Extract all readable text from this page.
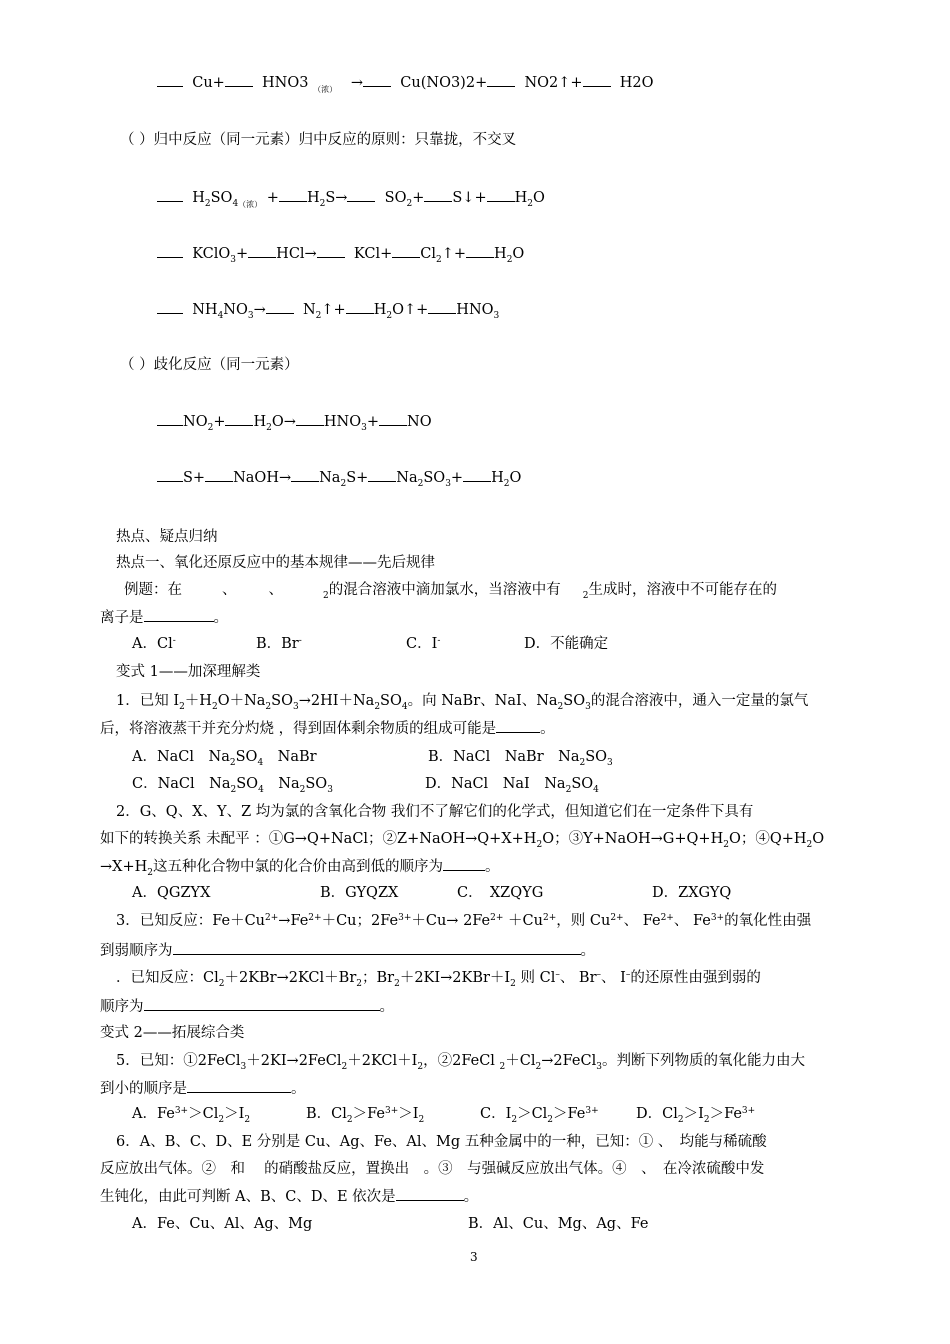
Cu+	HNO3 $_{(浓)}$ →	Cu(NO3)2+	NO2↑+	H2O
（ ）归中反应（同一元素）归中反应的原则：只靠拢，不交叉
$H_2SO_{4(浓)} + H_2S\to$	$SO_2+$ S↓+ $H_2O$
KClO$_3$+ HCl→	$KCl+ Cl_2↑+ H_2O$
$NH_4NO_3\to$	$N_2↑+$ $H_2O↑+ HNO_3$
（ ）歧化反应（同一元素）
$NO_2+ H_2O\to HNO_3+$ NO
S+ NaOH→ $Na_2S+ Na_2SO_3+ H_2O$
热点、疑点归纳
热点一、氧化还原反应中的基本规律——先后规律
例题：在	、 、	$_2$的混合溶液中滴加氯水，当溶液中有 $_2$生成时，溶液中不可能存在的
离子是	。
A．Cl-	B．Br-	C．I-	D．不能确定
变式 1——加深理解类
1．已知 $I_2+H_2O+Na_2SO_3\to 2HI+Na_2SO_4$。向 NaBr、NaI、$Na_2SO_3$的混合溶液中，通入一定量的氯气
后，将溶液蒸干并充分灼烧 ，得到固体剩余物质的组成可能是	。
A．NaCl　$Na_2SO_4$　NaBr	B．NaCl　NaBr　$Na_2SO_3$
C．NaCl　$Na_2SO_4$　$Na_2SO_3$	D．NaCl　NaI　$Na_2SO_4$
2．G、Q、X、Y、Z 均为氯的含氧化合物 我们不了解它们的化学式，但知道它们在一定条件下具有
如下的转换关系 未配平 ：①G→Q+NaCl；$②Z+NaOH\to Q+X+H_2O$；$③Y+NaOH\to G+Q+H_2O$；$④Q+H_2O$
$\to X+H_2$这五种化合物中氯的化合价由高到低的顺序为	。
A．QGZYX	B．GYQZX	C．　XZQYG	D．ZXGYQ
3．已知反应：$Fe+Cu^{2+}\to Fe^{2+}+Cu$；$2Fe^{3+}+Cu\to 2Fe^{2+} +Cu^{2+}$，则 $Cu^{2+}$、 $Fe^{2+}$、 $Fe^{3+}$的氧化性由强
到弱顺序为	。
．已知反应：$Cl_2+2KBr\to 2KCl+Br_2$；$Br_2+2KI\to 2KBr+I_2$ 则 Cl–、 Br–、 I–的还原性由强到弱的
顺序为	。
变式 2——拓展综合类
5．已知：$①2FeCl_3+2KI\to 2FeCl_2+2KCl+I_2$，②2FeCl $_2+Cl_2\to 2FeCl_3$。判断下列物质的氧化能力由大
到小的顺序是	。
A．$Fe^{3+}>Cl_2>I_2$	B．$Cl_2>Fe^{3+}>I_2$	C．$I_2>Cl_2>Fe^{3+}$	D．$Cl_2>I_2>Fe^{3+}$
6．A、B、C、D、E 分别是 Cu、Ag、Fe、Al、Mg 五种金属中的一种，已知：① 、　均能与稀硫酸
反应放出气体。②　和　 的硝酸盐反应，置换出　。③　与强碱反应放出气体。④　、　在冷浓硫酸中发
生钝化，由此可判断 A、B、C、D、E 依次是	。
A．Fe、Cu、Al、Ag、Mg	B．Al、Cu、Mg、Ag、Fe
3
